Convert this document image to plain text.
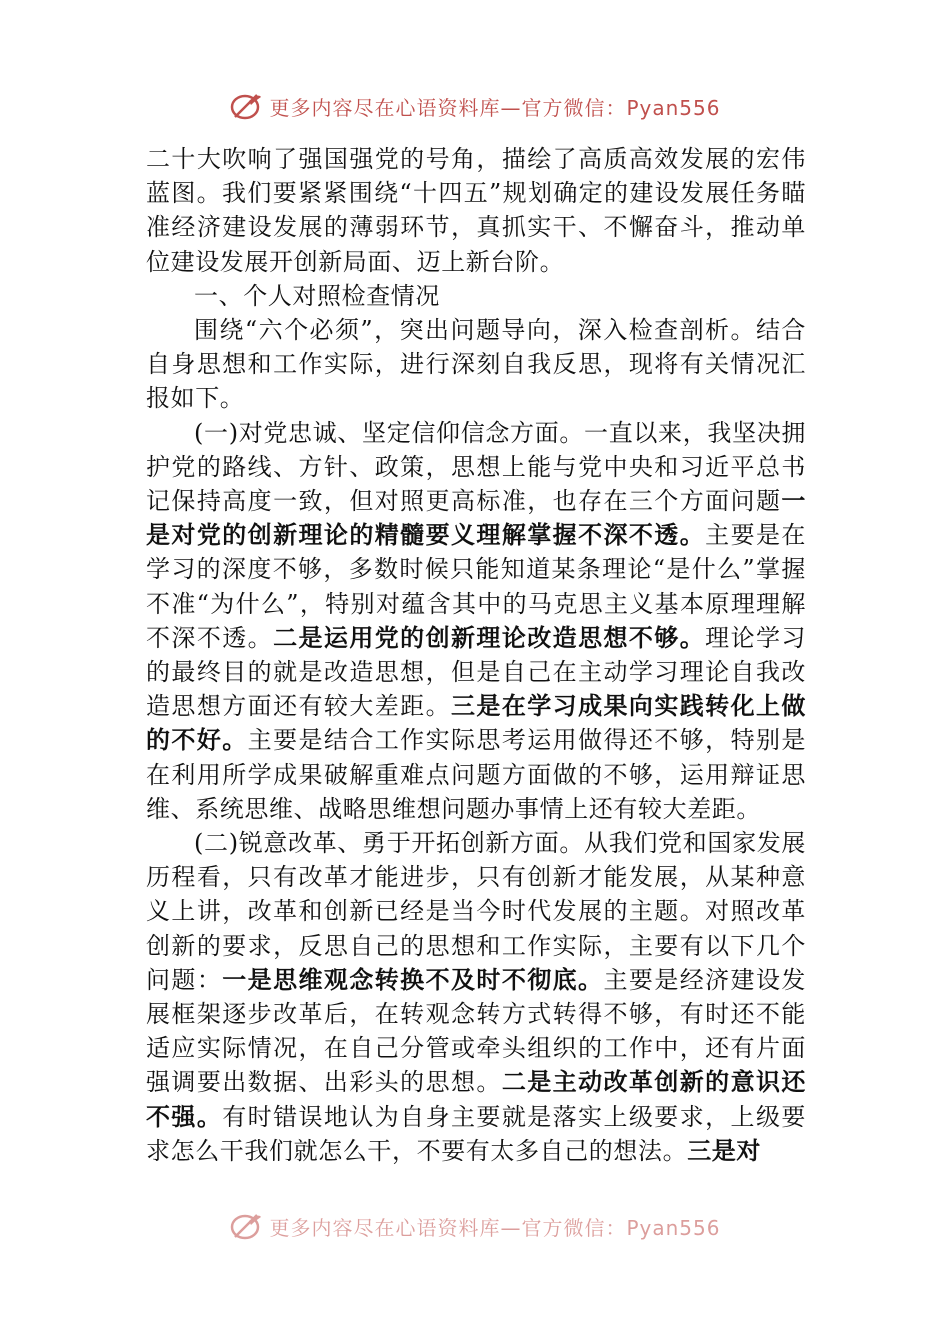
更多内容尽在心语资料库—官方微信：Pyan556

二十大吹响了强国强党的号角，描绘了高质高效发展的宏伟蓝图。我们要紧紧围绕“十四五”规划确定的建设发展任务瞄准经济建设发展的薄弱环节，真抓实干、不懈奋斗，推动单位建设发展开创新局面、迈上新台阶。

一、个人对照检查情况

围绕“六个必须”，突出问题导向，深入检查剖析。结合自身思想和工作实际，进行深刻自我反思，现将有关情况汇报如下。

(一)对党忠诚、坚定信仰信念方面。一直以来，我坚决拥护党的路线、方针、政策，思想上能与党中央和习近平总书记保持高度一致，但对照更高标准，也存在三个方面问题一是对党的创新理论的精髓要义理解掌握不深不透。主要是在学习的深度不够，多数时候只能知道某条理论“是什么”掌握不准“为什么”，特别对蕴含其中的马克思主义基本原理理解不深不透。二是运用党的创新理论改造思想不够。理论学习的最终目的就是改造思想，但是自己在主动学习理论自我改造思想方面还有较大差距。三是在学习成果向实践转化上做的不好。主要是结合工作实际思考运用做得还不够，特别是在利用所学成果破解重难点问题方面做的不够，运用辩证思维、系统思维、战略思维想问题办事情上还有较大差距。

(二)锐意改革、勇于开拓创新方面。从我们党和国家发展历程看，只有改革才能进步，只有创新才能发展，从某种意义上讲，改革和创新已经是当今时代发展的主题。对照改革创新的要求，反思自己的思想和工作实际，主要有以下几个问题：一是思维观念转换不及时不彻底。主要是经济建设发展框架逐步改革后，在转观念转方式转得不够，有时还不能适应实际情况，在自己分管或牵头组织的工作中，还有片面强调要出数据、出彩头的思想。二是主动改革创新的意识还不强。有时错误地认为自身主要就是落实上级要求，上级要求怎么干我们就怎么干，不要有太多自己的想法。三是对

更多内容尽在心语资料库—官方微信：Pyan556
